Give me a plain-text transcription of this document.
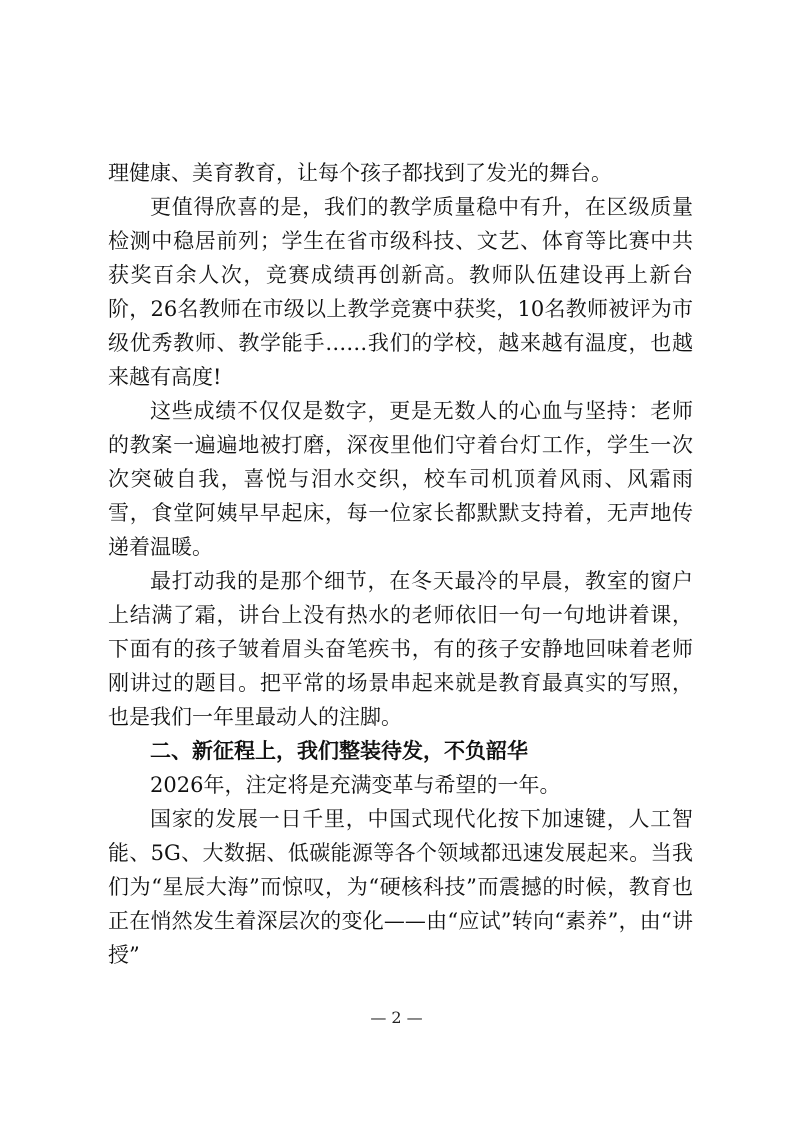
理健康、美育教育，让每个孩子都找到了发光的舞台。

更值得欣喜的是，我们的教学质量稳中有升，在区级质量检测中稳居前列；学生在省市级科技、文艺、体育等比赛中共获奖百余人次，竞赛成绩再创新高。教师队伍建设再上新台阶，26名教师在市级以上教学竞赛中获奖，10名教师被评为市级优秀教师、教学能手……我们的学校，越来越有温度，也越来越有高度!

这些成绩不仅仅是数字，更是无数人的心血与坚持：老师的教案一遍遍地被打磨，深夜里他们守着台灯工作，学生一次次突破自我，喜悦与泪水交织，校车司机顶着风雨、风霜雨雪，食堂阿姨早早起床，每一位家长都默默支持着，无声地传递着温暖。

最打动我的是那个细节，在冬天最冷的早晨，教室的窗户上结满了霜，讲台上没有热水的老师依旧一句一句地讲着课，下面有的孩子皱着眉头奋笔疾书，有的孩子安静地回味着老师刚讲过的题目。把平常的场景串起来就是教育最真实的写照，也是我们一年里最动人的注脚。

二、新征程上，我们整装待发，不负韶华

2026年，注定将是充满变革与希望的一年。

国家的发展一日千里，中国式现代化按下加速键，人工智能、5G、大数据、低碳能源等各个领域都迅速发展起来。当我们为“星辰大海”而惊叹，为“硬核科技”而震撼的时候，教育也正在悄然发生着深层次的变化——由“应试”转向“素养”，由“讲授”

— 2 —
